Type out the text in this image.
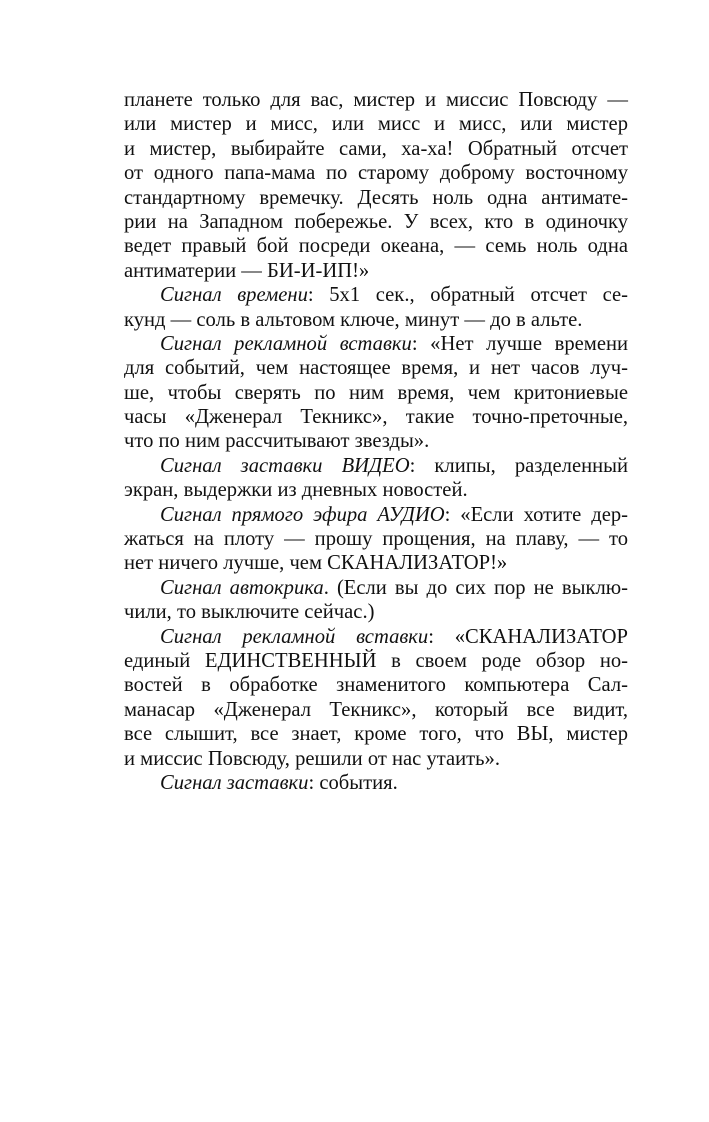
планете только для вас, мистер и миссис Повсюду —
или мистер и мисс, или мисс и мисс, или мистер
и мистер, выбирайте сами, ха-ха! Обратный отсчет
от одного папа-мама по старому доброму восточному
стандартному времечку. Десять ноль одна антимате-
рии на Западном побережье. У всех, кто в одиночку
ведет правый бой посреди океана, — семь ноль одна
антиматерии — БИ-И-ИП!»
Сигнал времени: 5x1 сек., обратный отсчет се-
кунд — соль в альтовом ключе, минут — до в альте.
Сигнал рекламной вставки: «Нет лучше времени
для событий, чем настоящее время, и нет часов луч-
ше, чтобы сверять по ним время, чем критониевые
часы «Дженерал Текникс», такие точно-преточные,
что по ним рассчитывают звезды».
Сигнал заставки ВИДЕО: клипы, разделенный
экран, выдержки из дневных новостей.
Сигнал прямого эфира АУДИО: «Если хотите дер-
жаться на плоту — прошу прощения, на плаву, — то
нет ничего лучше, чем СКАНАЛИЗАТОР!»
Сигнал автокрика. (Если вы до сих пор не выклю-
чили, то выключите сейчас.)
Сигнал рекламной вставки: «СКАНАЛИЗАТОР
единый ЕДИНСТВЕННЫЙ в своем роде обзор но-
востей в обработке знаменитого компьютера Сал-
манасар «Дженерал Текникс», который все видит,
все слышит, все знает, кроме того, что ВЫ, мистер
и миссис Повсюду, решили от нас утаить».
Сигнал заставки: события.
